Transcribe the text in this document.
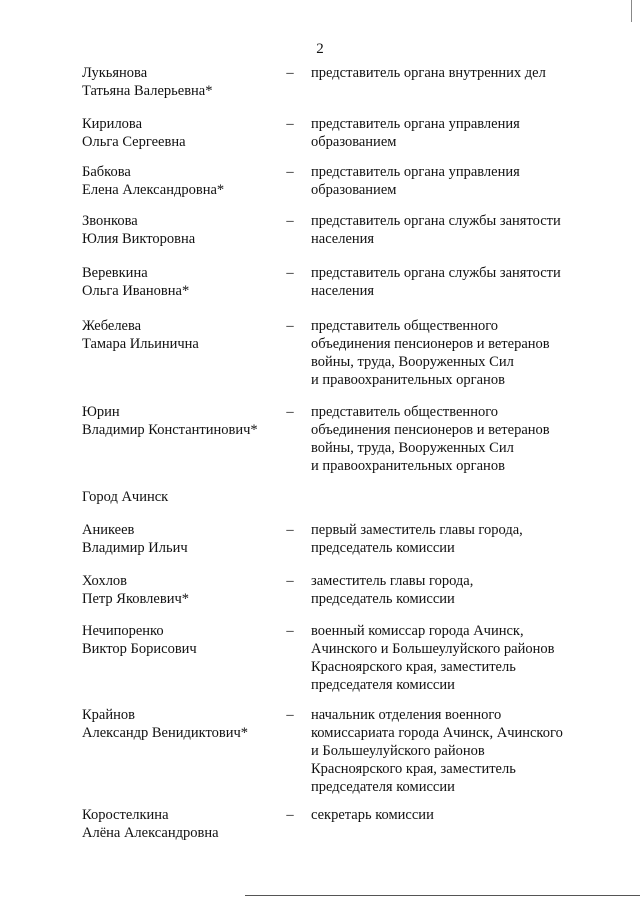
2
Лукьянова
Татьяна Валерьевна*
– представитель органа внутренних дел
Кирилова
Ольга Сергеевна
– представитель органа управления
образованием
Бабкова
Елена Александровна*
– представитель органа управления
образованием
Звонкова
Юлия Викторовна
– представитель органа службы занятости
населения
Веревкина
Ольга Ивановна*
– представитель органа службы занятости
населения
Жебелева
Тамара Ильинична
– представитель общественного
объединения пенсионеров и ветеранов
войны, труда, Вооруженных Сил
и правоохранительных органов
Юрин
Владимир Константинович*
– представитель общественного
объединения пенсионеров и ветеранов
войны, труда, Вооруженных Сил
и правоохранительных органов
Город Ачинск
Аникеев
Владимир Ильич
– первый заместитель главы города,
председатель комиссии
Хохлов
Петр Яковлевич*
– заместитель главы города,
председатель комиссии
Нечипоренко
Виктор Борисович
– военный комиссар города Ачинск,
Ачинского и Большеулуйского районов
Красноярского края, заместитель
председателя комиссии
Крайнов
Александр Венидиктович*
– начальник отделения военного
комиссариата города Ачинск, Ачинского
и Большеулуйского районов
Красноярского края, заместитель
председателя комиссии
Коростелкина
Алёна Александровна
– секретарь комиссии
